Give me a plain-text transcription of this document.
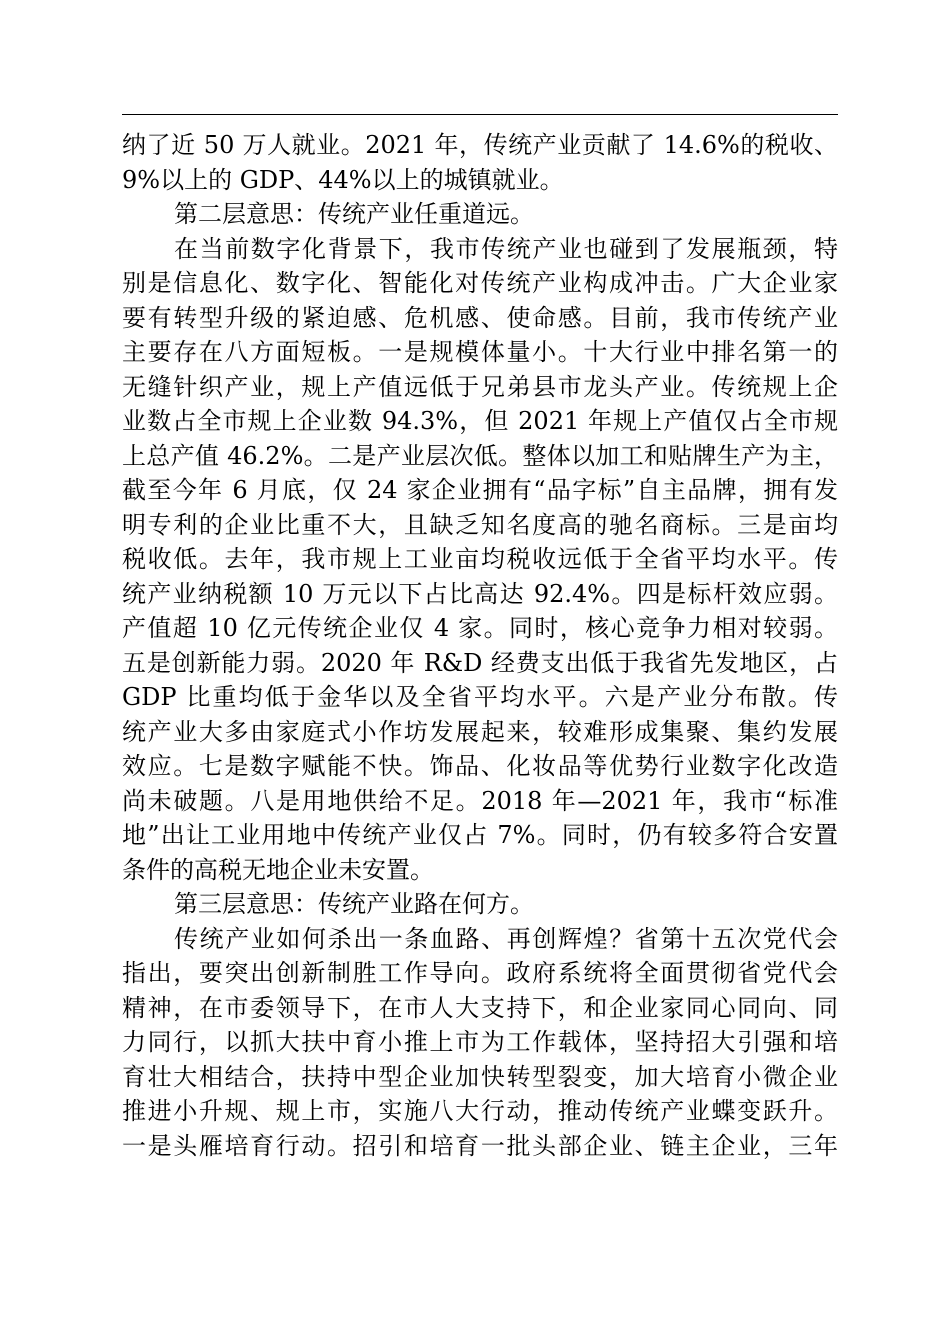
纳了近 50 万人就业。2021 年，传统产业贡献了 14.6%的税收、
9%以上的 GDP、44%以上的城镇就业。
第二层意思：传统产业任重道远。
在当前数字化背景下，我市传统产业也碰到了发展瓶颈，特
别是信息化、数字化、智能化对传统产业构成冲击。广大企业家
要有转型升级的紧迫感、危机感、使命感。目前，我市传统产业
主要存在八方面短板。一是规模体量小。十大行业中排名第一的
无缝针织产业，规上产值远低于兄弟县市龙头产业。传统规上企
业数占全市规上企业数 94.3%，但 2021 年规上产值仅占全市规
上总产值 46.2%。二是产业层次低。整体以加工和贴牌生产为主，
截至今年 6 月底，仅 24 家企业拥有“品字标”自主品牌，拥有发
明专利的企业比重不大，且缺乏知名度高的驰名商标。三是亩均
税收低。去年，我市规上工业亩均税收远低于全省平均水平。传
统产业纳税额 10 万元以下占比高达 92.4%。四是标杆效应弱。
产值超 10 亿元传统企业仅 4 家。同时，核心竞争力相对较弱。
五是创新能力弱。2020 年 R&D 经费支出低于我省先发地区，占
GDP 比重均低于金华以及全省平均水平。六是产业分布散。传
统产业大多由家庭式小作坊发展起来，较难形成集聚、集约发展
效应。七是数字赋能不快。饰品、化妆品等优势行业数字化改造
尚未破题。八是用地供给不足。2018 年—2021 年，我市“标准
地”出让工业用地中传统产业仅占 7%。同时，仍有较多符合安置
条件的高税无地企业未安置。
第三层意思：传统产业路在何方。
传统产业如何杀出一条血路、再创辉煌？省第十五次党代会
指出，要突出创新制胜工作导向。政府系统将全面贯彻省党代会
精神，在市委领导下，在市人大支持下，和企业家同心同向、同
力同行，以抓大扶中育小推上市为工作载体，坚持招大引强和培
育壮大相结合，扶持中型企业加快转型裂变，加大培育小微企业
推进小升规、规上市，实施八大行动，推动传统产业蝶变跃升。
一是头雁培育行动。招引和培育一批头部企业、链主企业，三年
